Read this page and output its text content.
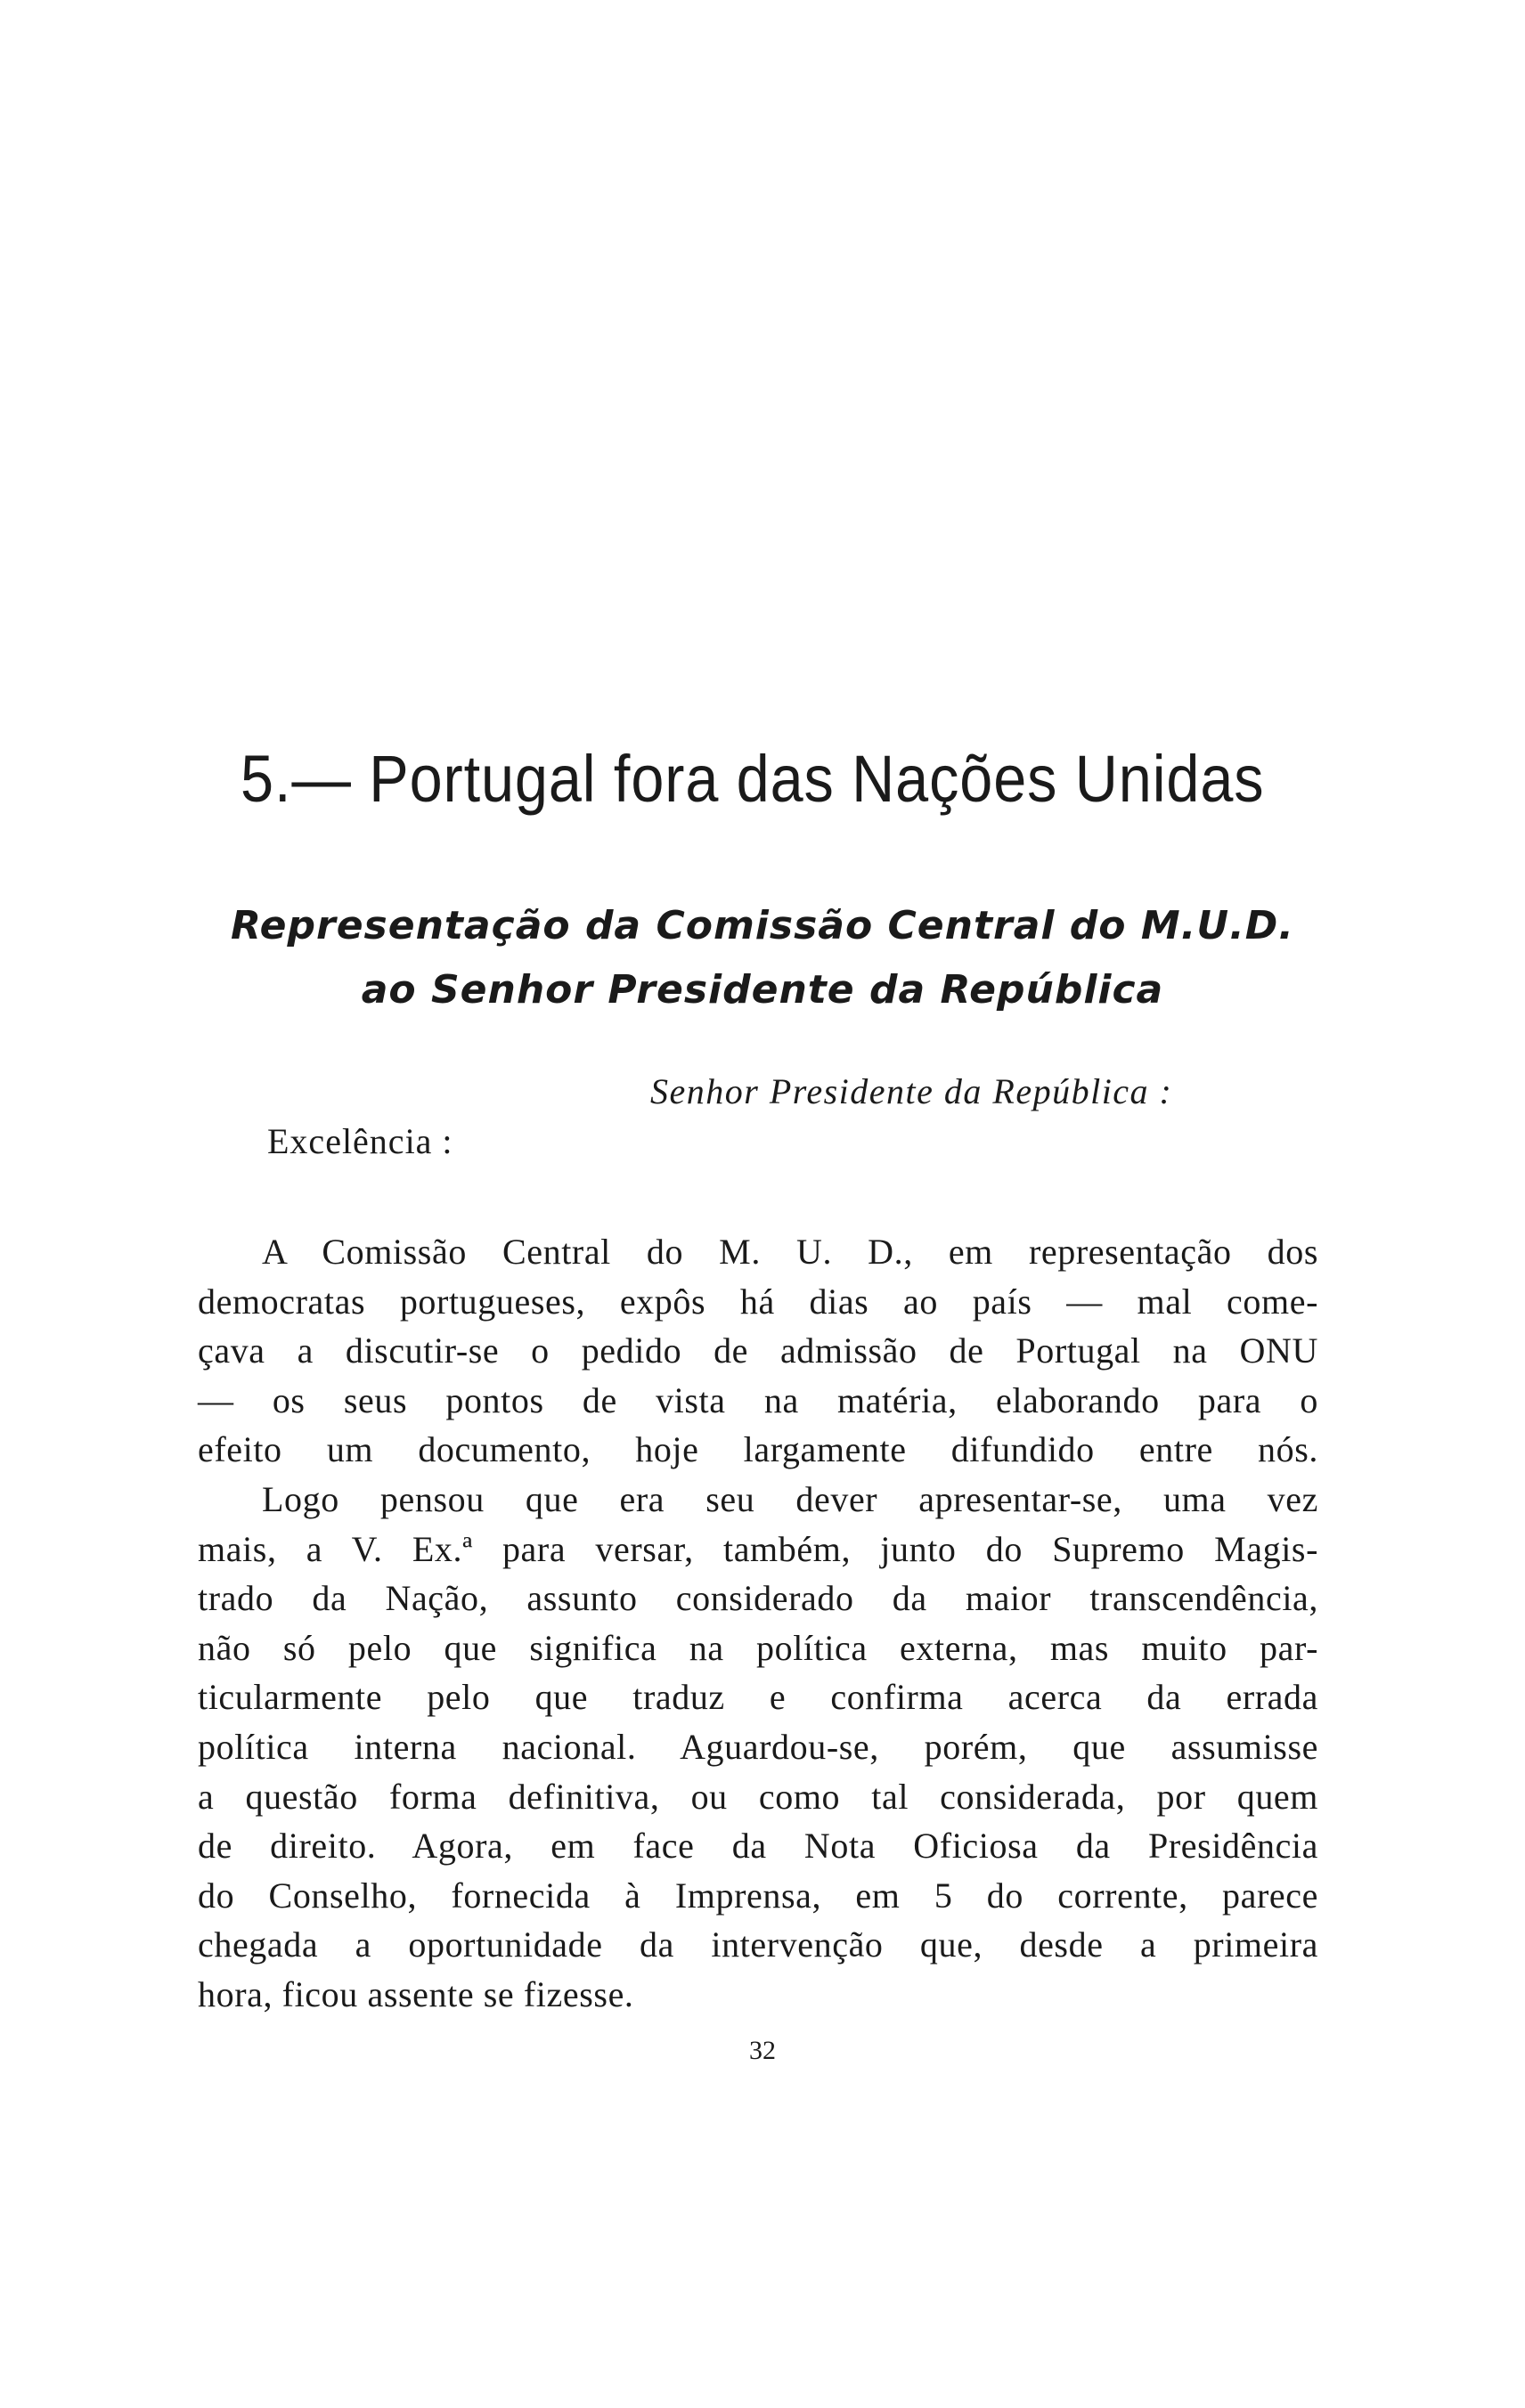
5.— Portugal fora das Nações Unidas
Representação da Comissão Central do M.U.D.
ao Senhor Presidente da República
Senhor Presidente da República :
Excelência :
A Comissão Central do M. U. D., em representação dos
democratas portugueses, expôs há dias ao país — mal come-
çava a discutir-se o pedido de admissão de Portugal na ONU
— os seus pontos de vista na matéria, elaborando para o
efeito um documento, hoje largamente difundido entre nós.
Logo pensou que era seu dever apresentar-se, uma vez
mais, a V. Ex.ª para versar, também, junto do Supremo Magis-
trado da Nação, assunto considerado da maior transcendência,
não só pelo que significa na política externa, mas muito par-
ticularmente pelo que traduz e confirma acerca da errada
política interna nacional. Aguardou-se, porém, que assumisse
a questão forma definitiva, ou como tal considerada, por quem
de direito. Agora, em face da Nota Oficiosa da Presidência
do Conselho, fornecida à Imprensa, em 5 do corrente, parece
chegada a oportunidade da intervenção que, desde a primeira
hora, ficou assente se fizesse.
32
